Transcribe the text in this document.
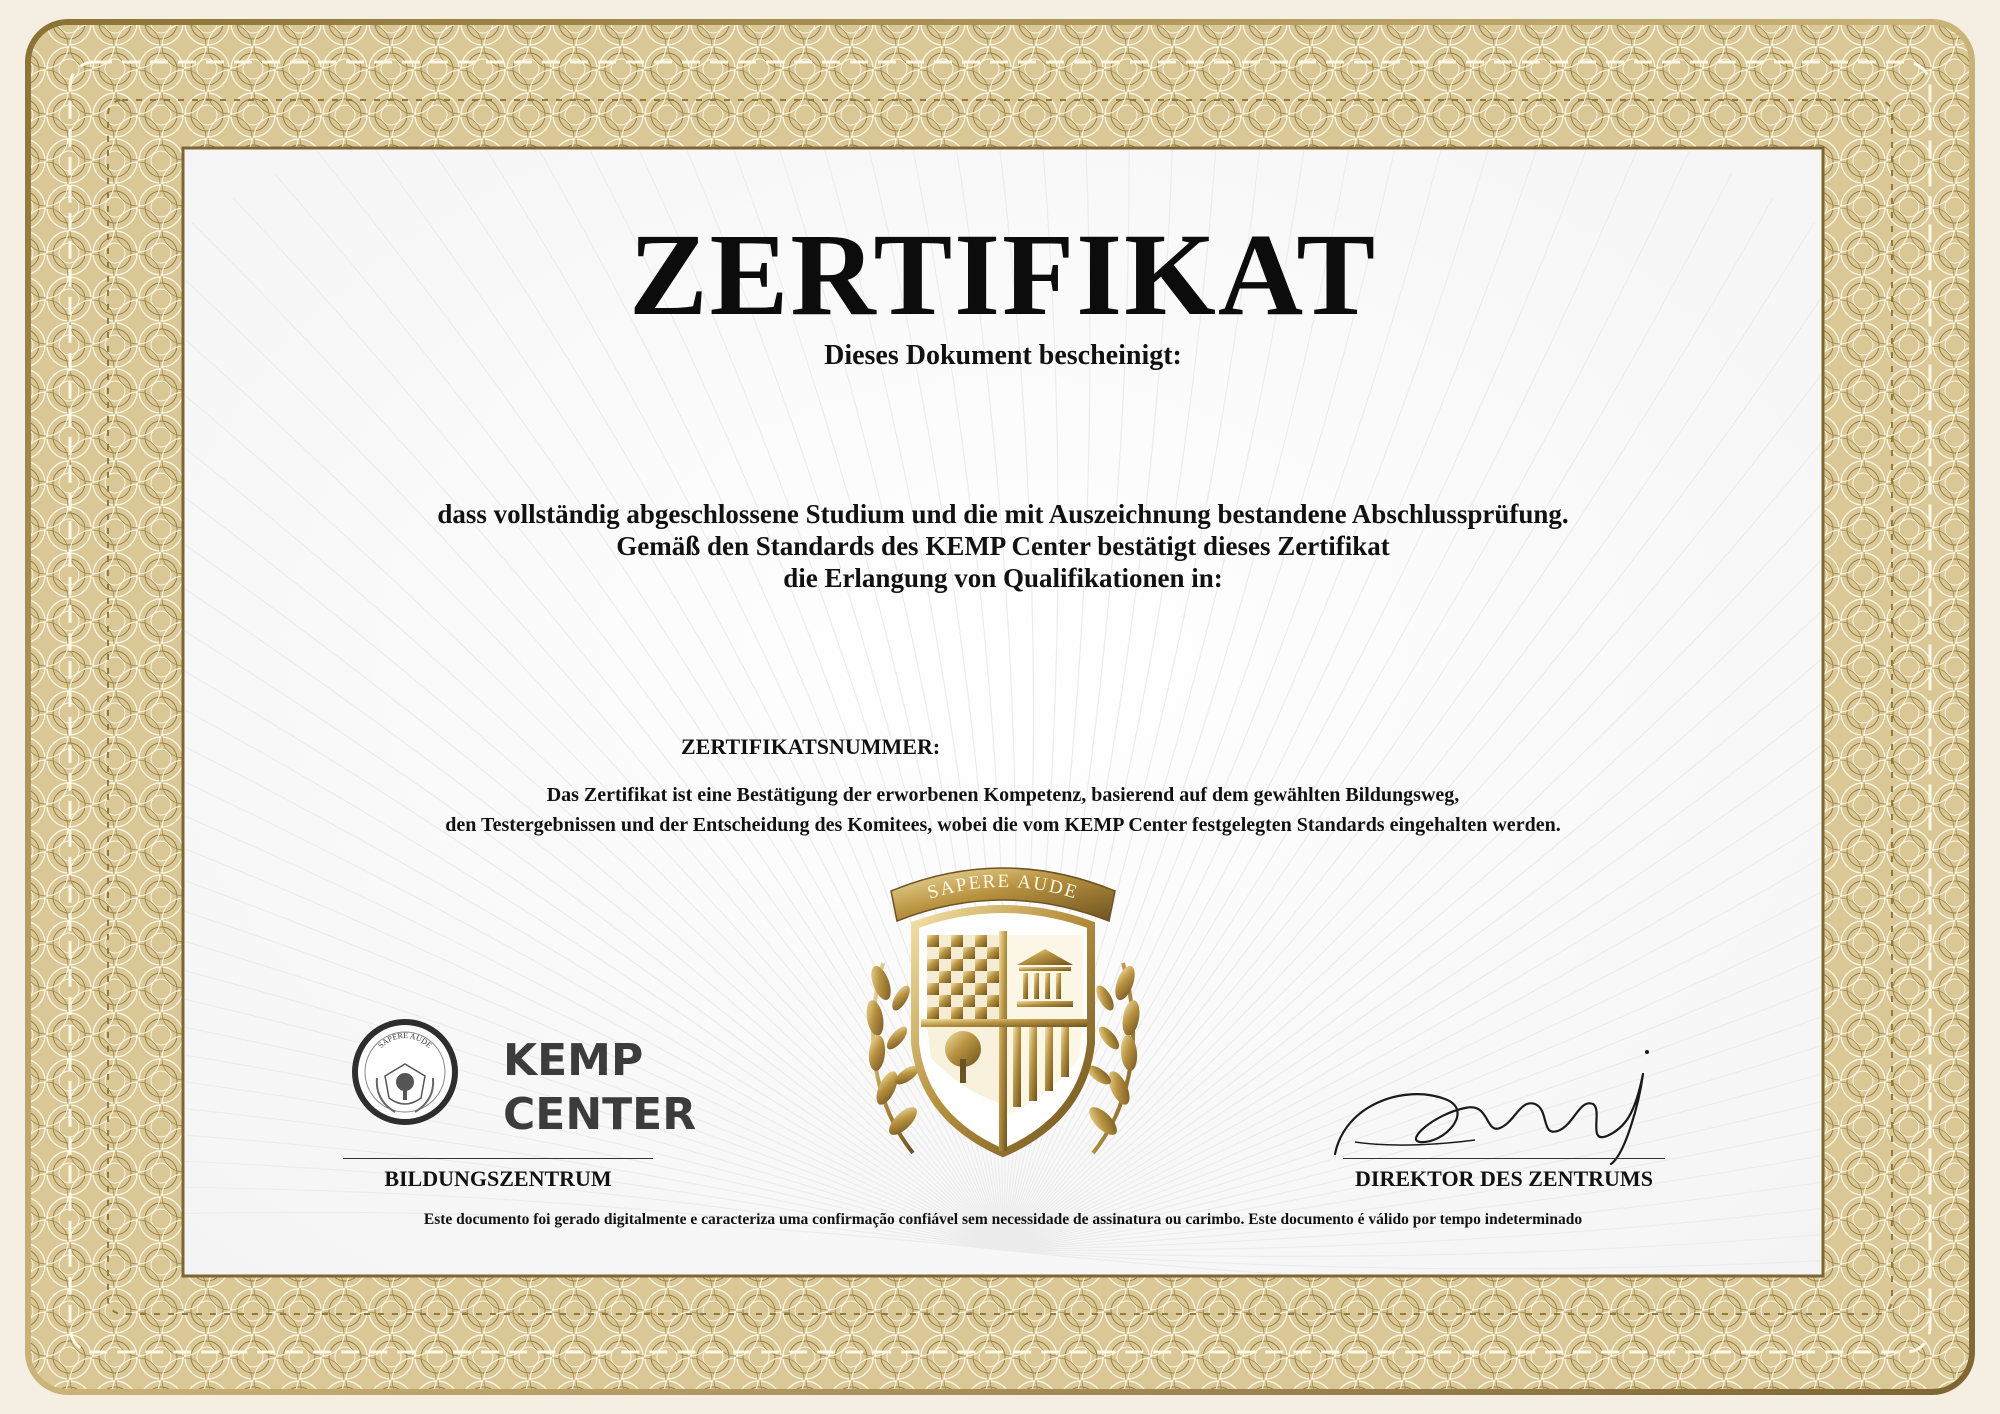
ZERTIFIKAT
Dieses Dokument bescheinigt:
dass vollständig abgeschlossene Studium und die mit Auszeichnung bestandene Abschlussprüfung.
Gemäß den Standards des KEMP Center bestätigt dieses Zertifikat
die Erlangung von Qualifikationen in:
ZERTIFIKATSNUMMER:
Das Zertifikat ist eine Bestätigung der erworbenen Kompetenz, basierend auf dem gewählten Bildungsweg,
den Testergebnissen und der Entscheidung des Komitees, wobei die vom KEMP Center festgelegten Standards eingehalten werden.
SAPERE AUDE
SAPERE AUDE KEMP
CENTER
BILDUNGSZENTRUM	DIREKTOR DES ZENTRUMS
Este documento foi gerado digitalmente e caracteriza uma confirmação confiável sem necessidade de assinatura ou carimbo. Este documento é válido por tempo indeterminado
